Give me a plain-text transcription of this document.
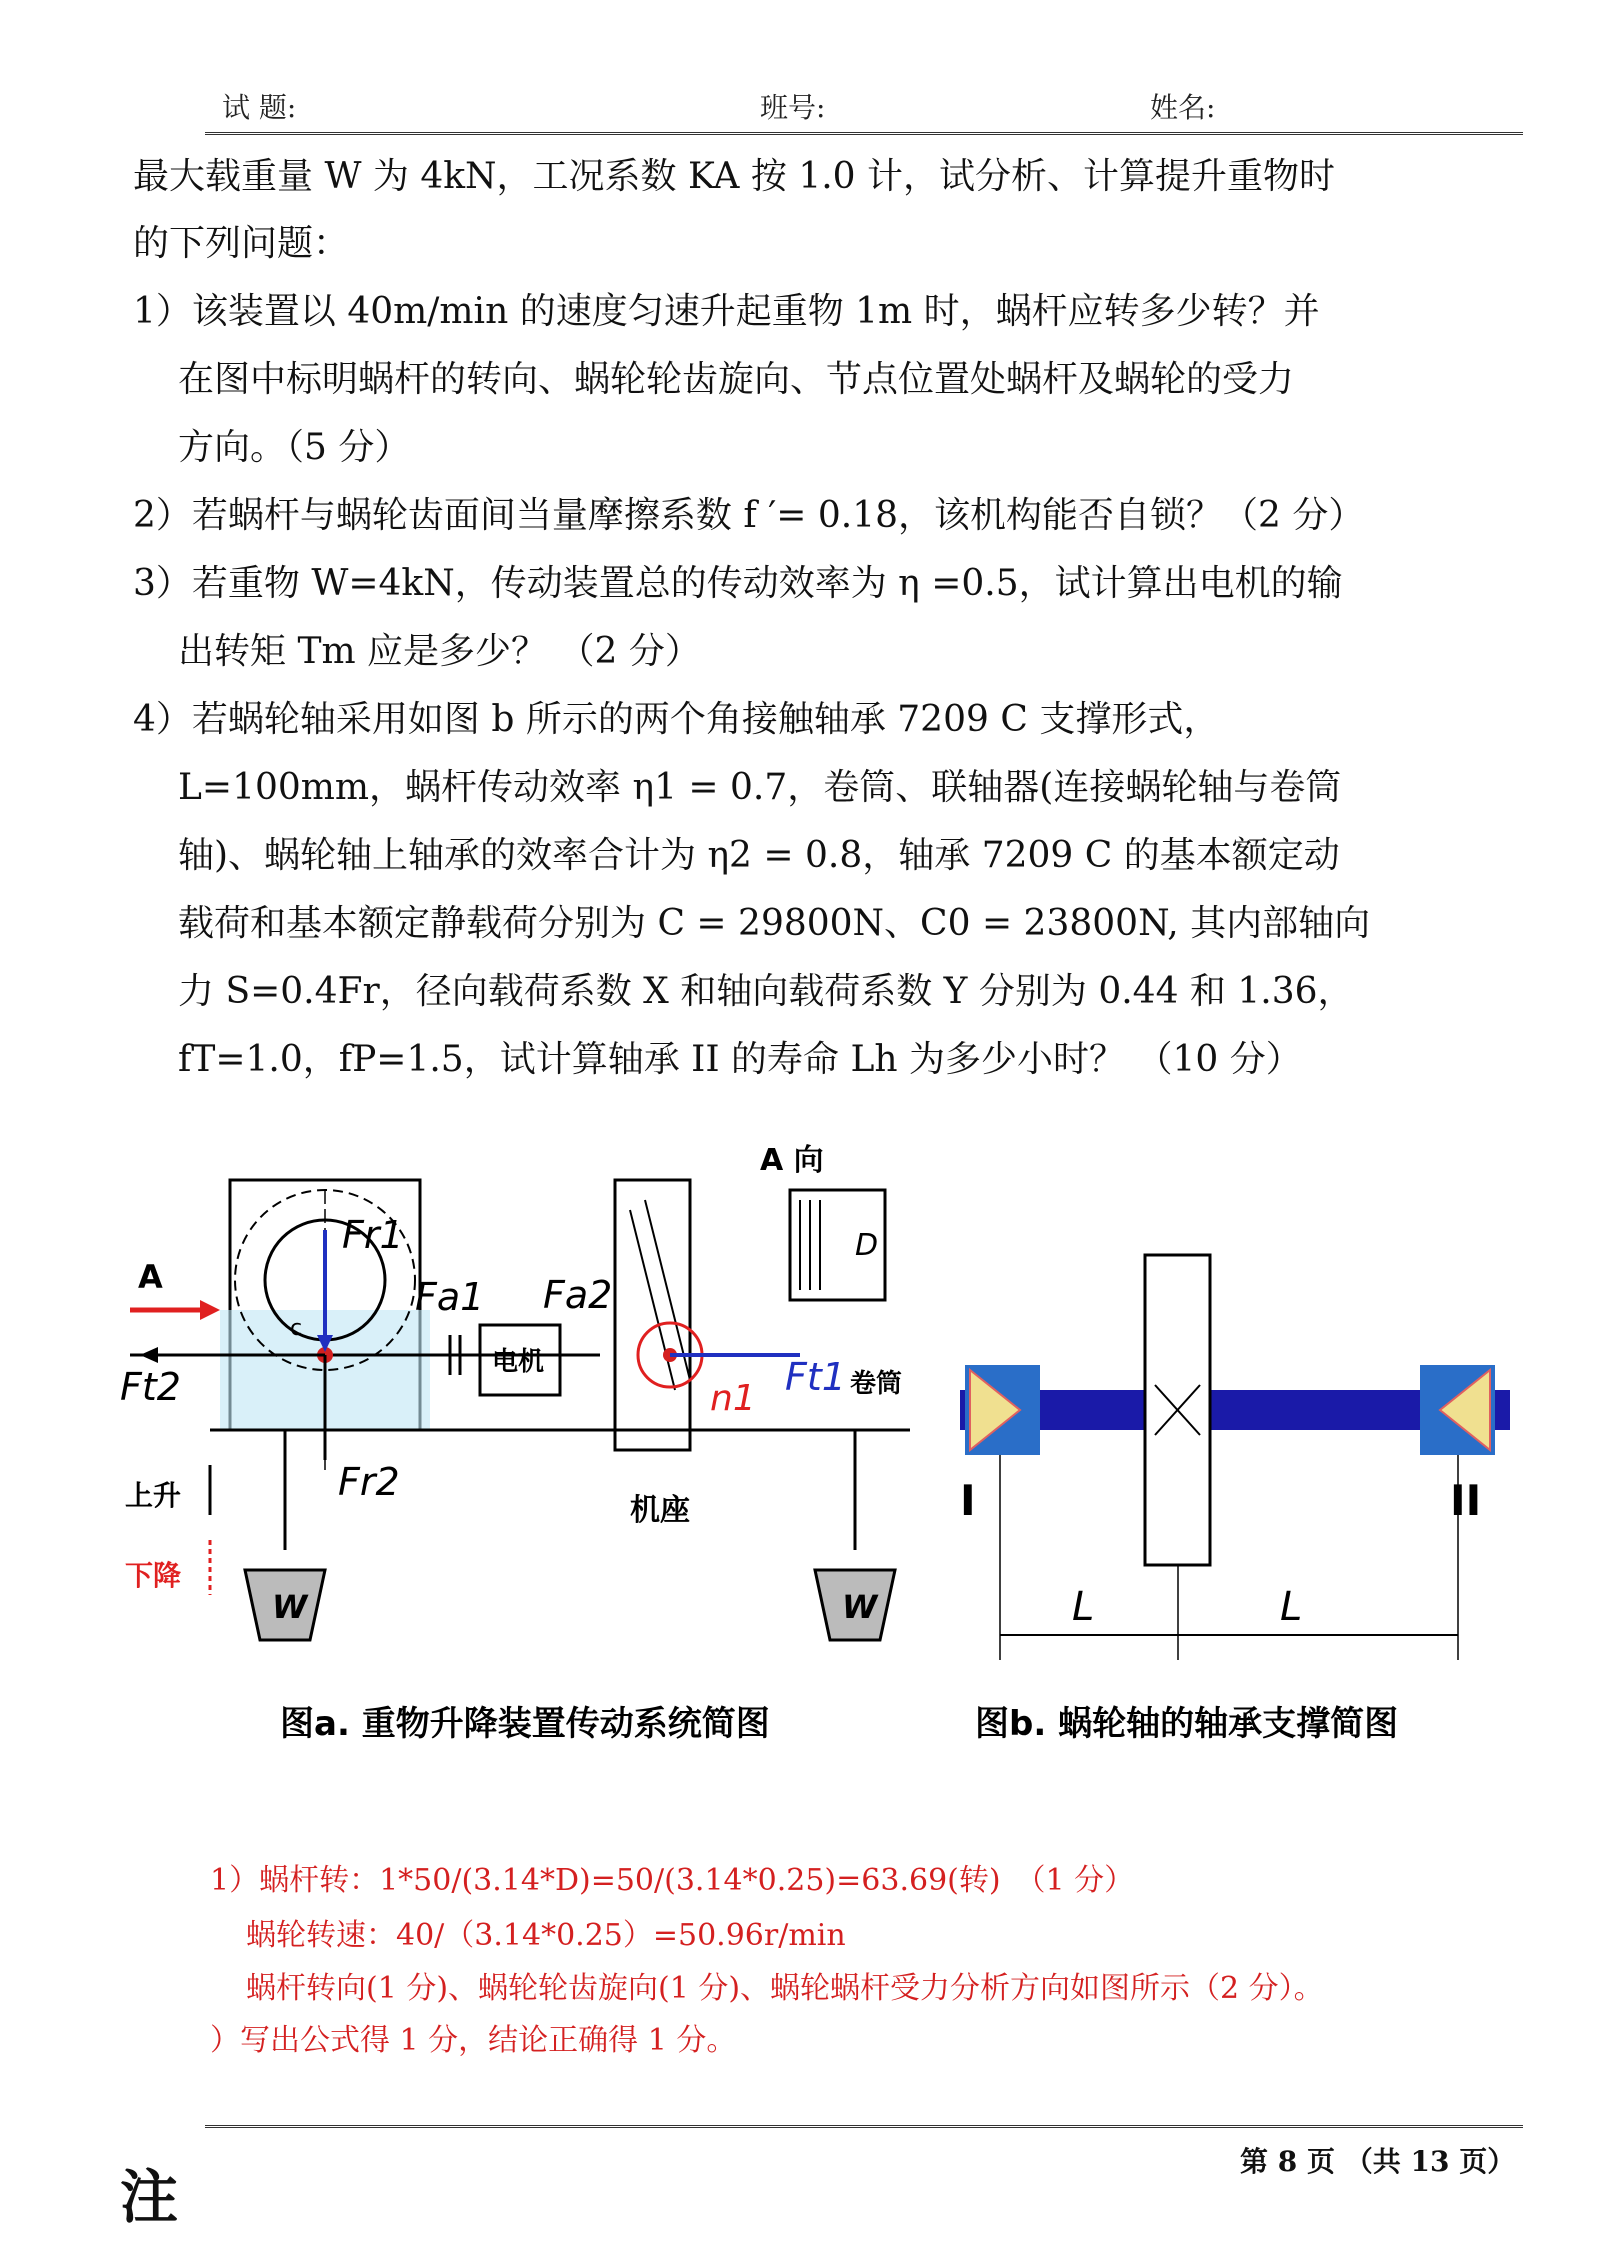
试 题:	班号:	姓名:
最大载重量 W 为 4kN，工况系数 KA 按 1.0 计，试分析、计算提升重物时
的下列问题：
1）该装置以 40m/min 的速度匀速升起重物 1m 时，蜗杆应转多少转？并
在图中标明蜗杆的转向、蜗轮轮齿旋向、节点位置处蜗杆及蜗轮的受力
方向。（5 分）
2）若蜗杆与蜗轮齿面间当量摩擦系数 f ′= 0.18，该机构能否自锁？（2 分）
3）若重物 W=4kN，传动装置总的传动效率为 η =0.5，试计算出电机的输
出转矩 Tm 应是多少？ （2 分）
4）若蜗轮轴采用如图 b 所示的两个角接触轴承 7209 C 支撑形式，
L=100mm，蜗杆传动效率 η1 = 0.7，卷筒、联轴器(连接蜗轮轴与卷筒
轴)、蜗轮轴上轴承的效率合计为 η2 = 0.8，轴承 7209 C 的基本额定动
载荷和基本额定静载荷分别为 C = 29800N、C0 = 23800N, 其内部轴向
力 S=0.4Fr，径向载荷系数 X 和轴向载荷系数 Y 分别为 0.44 和 1.36，
fT=1.0，fP=1.5，试计算轴承 II 的寿命 Lh 为多少小时？ （10 分）
A
Fr1
Ft2
c
Fa1
Fr2
电机
A 向
Fa2
Ft1
n1
D
卷筒
机座
上升
下降
W	W
图a. 重物升降装置传动系统简图
I	II
L	L
图b. 蜗轮轴的轴承支撑简图
1）蜗杆转：1*50/(3.14*D)=50/(3.14*0.25)=63.69(转)　（1 分）
蜗轮转速：40/（3.14*0.25）=50.96r/min
蜗杆转向(1 分)、蜗轮轮齿旋向(1 分)、蜗轮蜗杆受力分析方向如图所示（2 分）。
）写出公式得 1 分，结论正确得 1 分。
第 8 页 （共 13 页）
注
